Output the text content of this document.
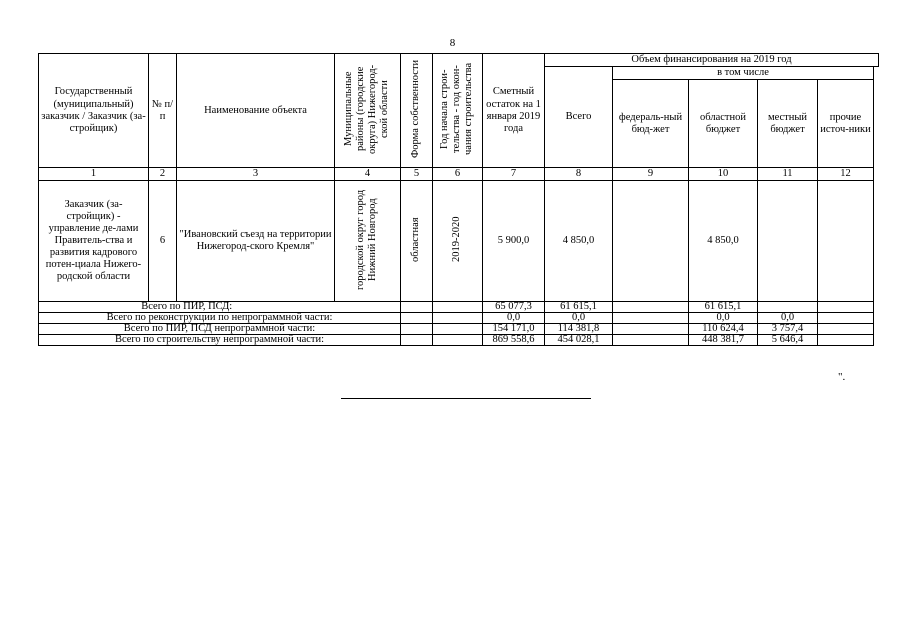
8
Государственный (муниципальный) заказчик / Заказчик (за-стройщик)	№ п/п	Наименование объекта	Муниципальные районы (городские округа) Нижегород-ской области	Форма собственности	Год начала строи-тельства - год окон-чания строительства	Сметный остаток на 1 января 2019 года	Объем финансирования на 2019 год				
							Всего	в том числе			
								федераль-ный бюд-жет	областной бюджет	местный бюджет	прочие источ-ники
1	2	3	4	5	6	7	8	9	10	11	12
Заказчик (за-стройщик) - управление де-лами Правитель-ства и развития кадрового потен-циала Нижего-родской области	6	"Ивановский съезд на территории Нижегород-ского Кремля"	городской округ город Нижний Новгород	областная	2019-2020	5 900,0	4 850,0		4 850,0		
Всего по ПИР, ПСД:						65 077,3	61 615,1		61 615,1		
Всего по реконструкции по непрограммной части:						0,0	0,0		0,0	0,0	
Всего по ПИР, ПСД непрограммной части:						154 171,0	114 381,8		110 624,4	3 757,4	
Всего по строительству непрограммной части:						869 558,6	454 028,1		448 381,7	5 646,4	
".
